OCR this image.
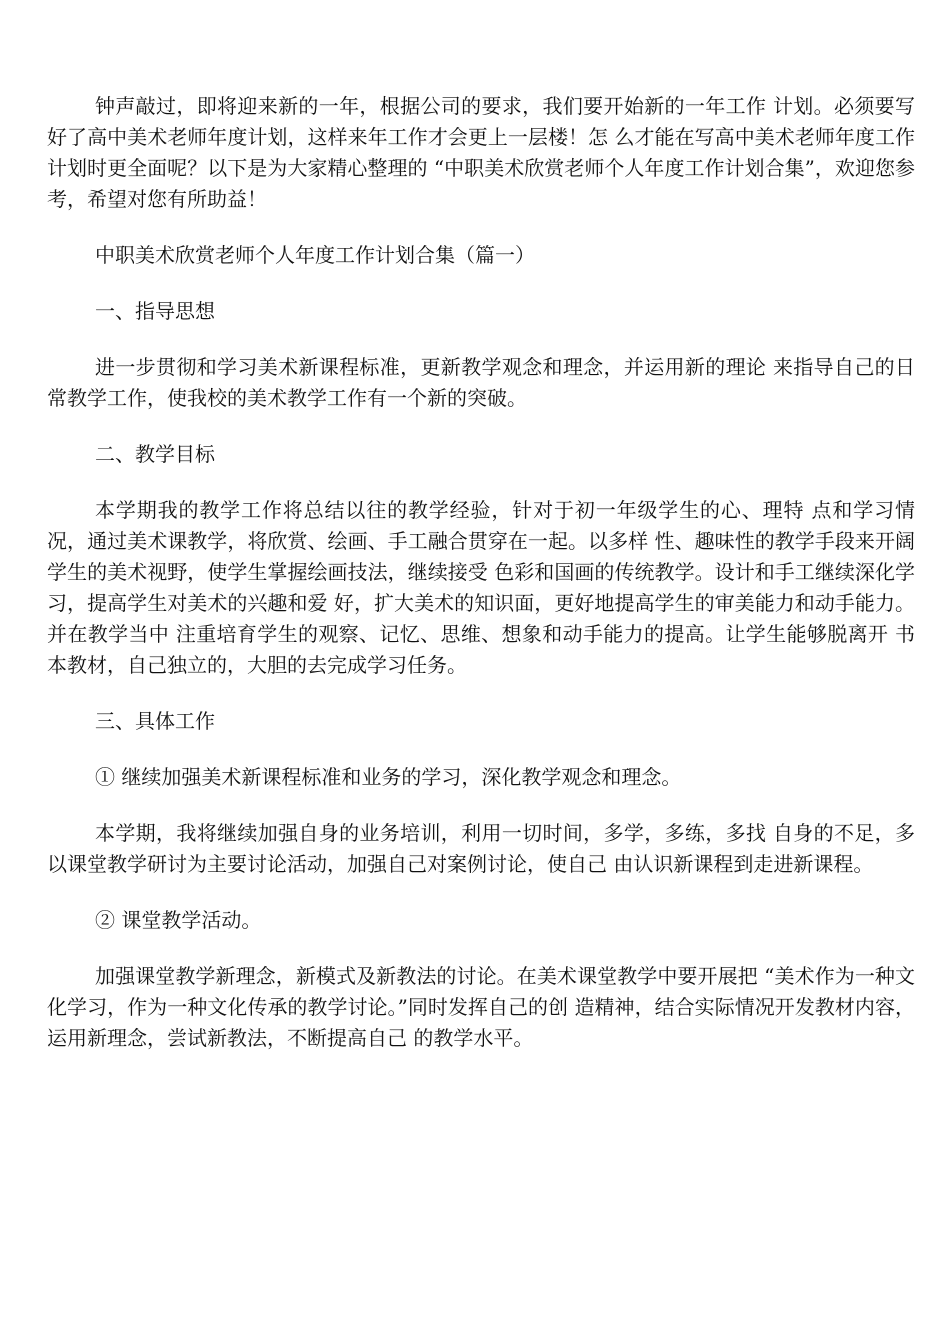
钟声敲过，即将迎来新的一年，根据公司的要求，我们要开始新的一年工作 计划。必须要写好了高中美术老师年度计划，这样来年工作才会更上一层楼！怎 么才能在写高中美术老师年度工作计划时更全面呢？以下是为大家精心整理的 “中职美术欣赏老师个人年度工作计划合集”，欢迎您参考，希望对您有所助益！

中职美术欣赏老师个人年度工作计划合集（篇一）

一、指导思想

进一步贯彻和学习美术新课程标准，更新教学观念和理念，并运用新的理论 来指导自己的日常教学工作，使我校的美术教学工作有一个新的突破。

二、教学目标

本学期我的教学工作将总结以往的教学经验，针对于初一年级学生的心、理特 点和学习情况，通过美术课教学，将欣赏、绘画、手工融合贯穿在一起。以多样 性、趣味性的教学手段来开阔学生的美术视野，使学生掌握绘画技法，继续接受 色彩和国画的传统教学。设计和手工继续深化学习，提高学生对美术的兴趣和爱 好，扩大美术的知识面，更好地提高学生的审美能力和动手能力。并在教学当中 注重培育学生的观察、记忆、思维、想象和动手能力的提高。让学生能够脱离开 书本教材，自己独立的，大胆的去完成学习任务。

三、具体工作

① 继续加强美术新课程标准和业务的学习，深化教学观念和理念。

本学期，我将继续加强自身的业务培训，利用一切时间，多学，多练，多找 自身的不足，多以课堂教学研讨为主要讨论活动，加强自己对案例讨论，使自己 由认识新课程到走进新课程。

② 课堂教学活动。

加强课堂教学新理念，新模式及新教法的讨论。在美术课堂教学中要开展把 “美术作为一种文化学习，作为一种文化传承的教学讨论。”同时发挥自己的创 造精神，结合实际情况开发教材内容，运用新理念，尝试新教法，不断提高自己 的教学水平。
